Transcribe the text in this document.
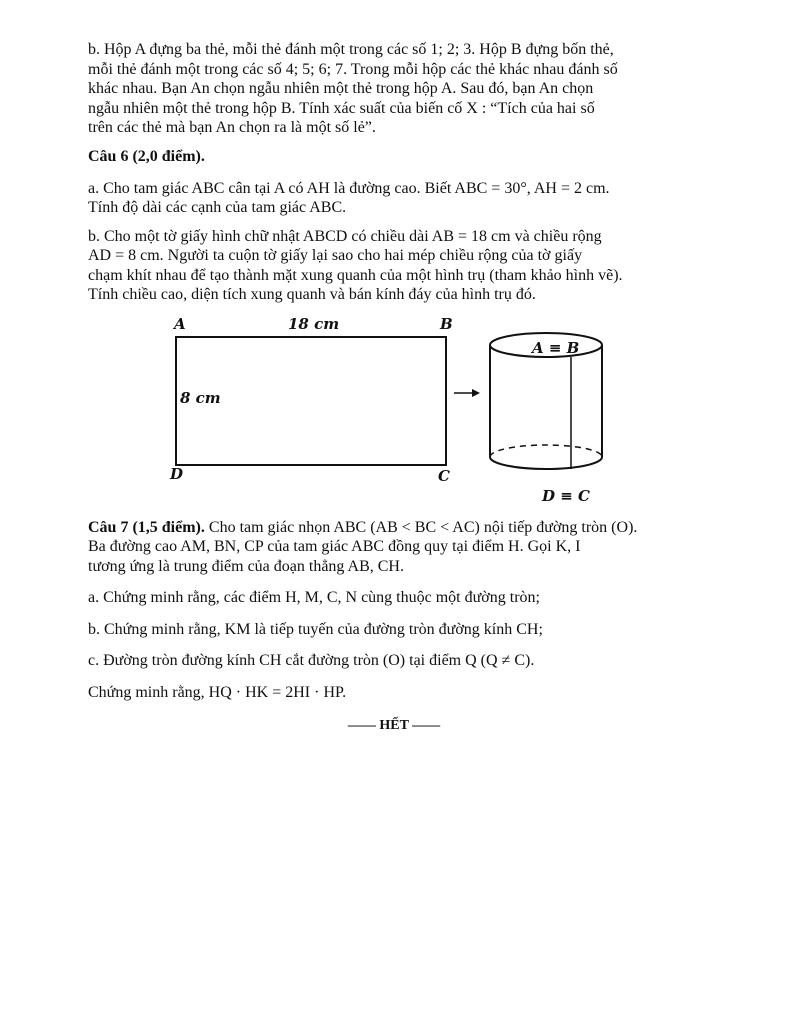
b. Hộp A đựng ba thẻ, mỗi thẻ đánh một trong các số 1; 2; 3. Hộp B đựng bốn thẻ,

mỗi thẻ đánh một trong các số 4; 5; 6; 7. Trong mỗi hộp các thẻ khác nhau đánh số

khác nhau. Bạn An chọn ngẫu nhiên một thẻ trong hộp A. Sau đó, bạn An chọn

ngẫu nhiên một thẻ trong hộp B. Tính xác suất của biến cố X : “Tích của hai số

trên các thẻ mà bạn An chọn ra là một số lẻ”.

Câu 6 (2,0 điểm).

a. Cho tam giác ABC cân tại A có AH là đường cao. Biết ABC = 30°, AH = 2 cm.

Tính độ dài các cạnh của tam giác ABC.

b. Cho một tờ giấy hình chữ nhật ABCD có chiều dài AB = 18 cm và chiều rộng

AD = 8 cm. Người ta cuộn tờ giấy lại sao cho hai mép chiều rộng của tờ giấy

chạm khít nhau để tạo thành mặt xung quanh của một hình trụ (tham khảo hình vẽ).

Tính chiều cao, diện tích xung quanh và bán kính đáy của hình trụ đó.

A	18 cm	B
8 cm
D	C
A ≡ B
D ≡ C

Câu 7 (1,5 điểm). Cho tam giác nhọn ABC (AB < BC < AC) nội tiếp đường tròn (O).

Ba đường cao AM, BN, CP của tam giác ABC đồng quy tại điểm H. Gọi K, I

tương ứng là trung điểm của đoạn thẳng AB, CH.

a. Chứng minh rằng, các điểm H, M, C, N cùng thuộc một đường tròn;

b. Chứng minh rằng, KM là tiếp tuyến của đường tròn đường kính CH;

c. Đường tròn đường kính CH cắt đường tròn (O) tại điểm Q (Q ≠ C).

Chứng minh rằng, HQ · HK = 2HI · HP.

—— HẾT ——
